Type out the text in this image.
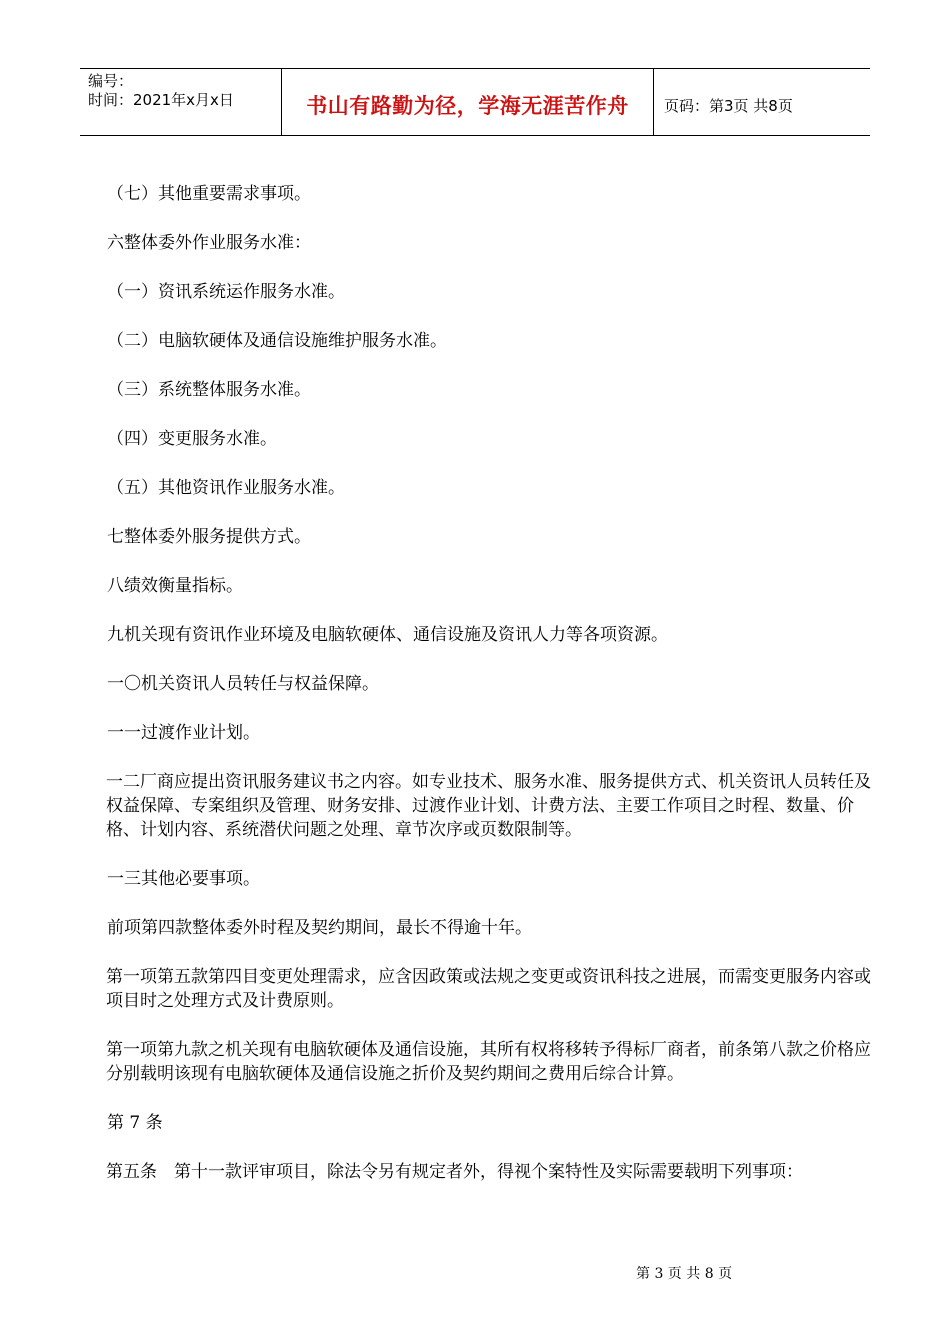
编号：
时间：2021年x月x日	书山有路勤为径，学海无涯苦作舟	页码：第3页 共8页

（七）其他重要需求事项。

六整体委外作业服务水准：

（一）资讯系统运作服务水准。

（二）电脑软硬体及通信设施维护服务水准。

（三）系统整体服务水准。

（四）变更服务水准。

（五）其他资讯作业服务水准。

七整体委外服务提供方式。

八绩效衡量指标。

九机关现有资讯作业环境及电脑软硬体、通信设施及资讯人力等各项资源。

一〇机关资讯人员转任与权益保障。

一一过渡作业计划。

一二厂商应提出资讯服务建议书之内容。如专业技术、服务水准、服务提供方式、机关资讯人员转任及权益保障、专案组织及管理、财务安排、过渡作业计划、计费方法、主要工作项目之时程、数量、价格、计划内容、系统潜伏问题之处理、章节次序或页数限制等。

一三其他必要事项。

前项第四款整体委外时程及契约期间，最长不得逾十年。

第一项第五款第四目变更处理需求，应含因政策或法规之变更或资讯科技之进展，而需变更服务内容或项目时之处理方式及计费原则。

第一项第九款之机关现有电脑软硬体及通信设施，其所有权将移转予得标厂商者，前条第八款之价格应分别载明该现有电脑软硬体及通信设施之折价及契约期间之费用后综合计算。

第 7 条

第五条　第十一款评审项目，除法令另有规定者外，得视个案特性及实际需要载明下列事项：

第 3 页 共 8 页
